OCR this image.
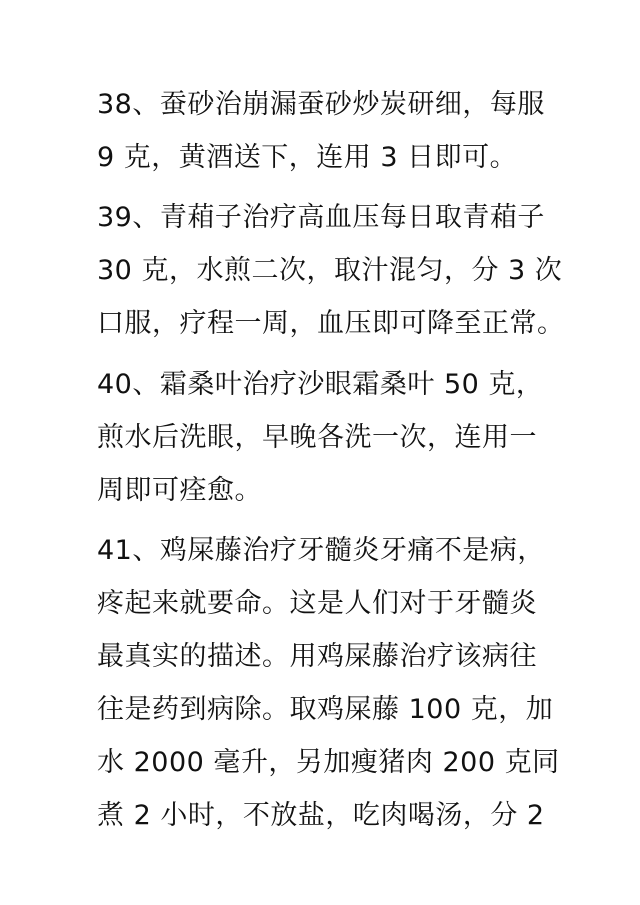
38、蚕砂治崩漏蚕砂炒炭研细，每服
9 克，黄酒送下，连用 3 日即可。

39、青葙子治疗高血压每日取青葙子
30 克，水煎二次，取汁混匀，分 3 次
口服，疗程一周，血压即可降至正常。

40、霜桑叶治疗沙眼霜桑叶 50 克，
煎水后洗眼，早晚各洗一次，连用一
周即可痊愈。

41、鸡屎藤治疗牙髓炎牙痛不是病，
疼起来就要命。这是人们对于牙髓炎
最真实的描述。用鸡屎藤治疗该病往
往是药到病除。取鸡屎藤 100 克，加
水 2000 毫升，另加瘦猪肉 200 克同
煮 2 小时，不放盐，吃肉喝汤，分 2
